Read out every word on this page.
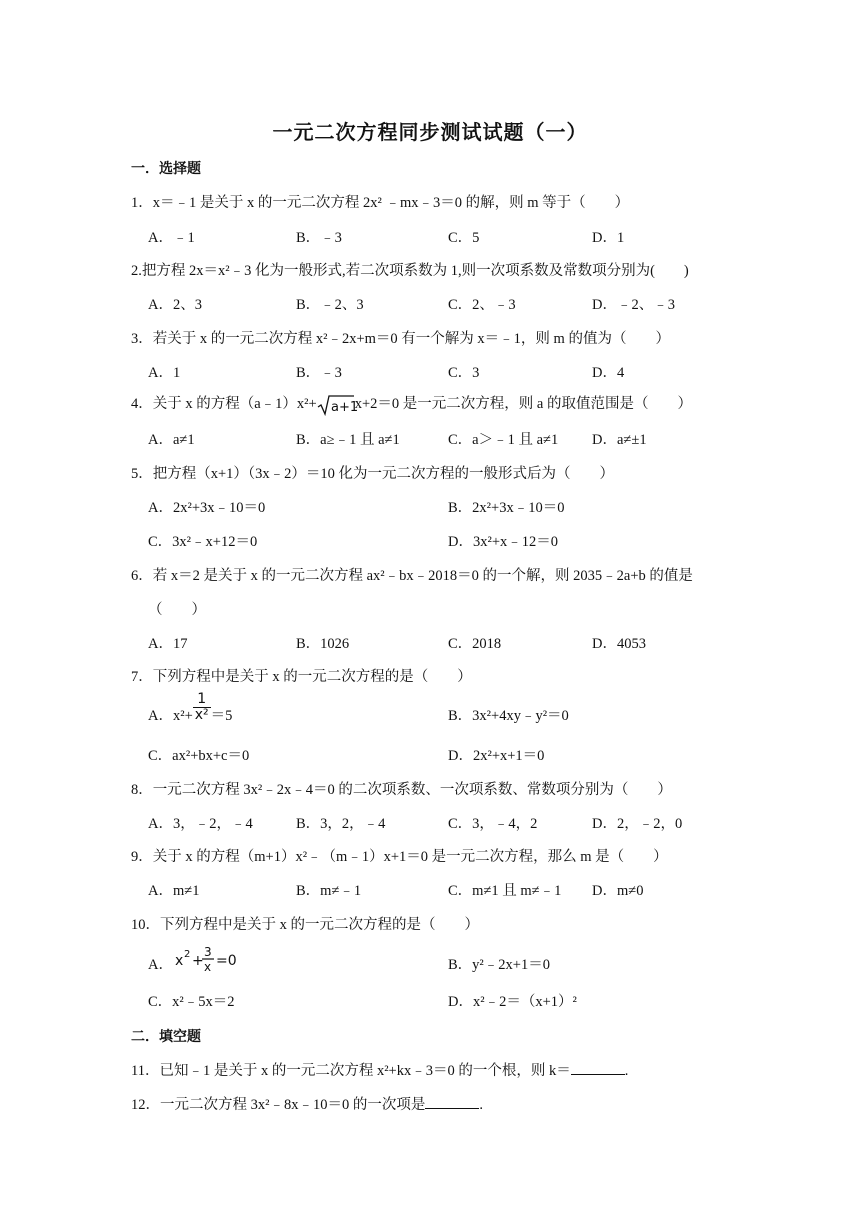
一元二次方程同步测试试题（一）
一．选择题
1．x＝﹣1 是关于 x 的一元二次方程 2x² ﹣mx﹣3＝0 的解，则 m 等于（　　）
A．﹣1	B．﹣3	C．5	D．1
2.把方程 2x＝x²﹣3 化为一般形式,若二次项系数为 1,则一次项系数及常数项分别为(　　)
A．2、3	B．﹣2、3	C．2、﹣3	D．﹣2、﹣3
3．若关于 x 的一元二次方程 x²﹣2x+m＝0 有一个解为 x＝﹣1，则 m 的值为（　　）
A．1	B．﹣3	C．3	D．4
4．关于 x 的方程（a﹣1）x²+ a+1
x+2＝0 是一元二次方程，则 a 的取值范围是（　　）
A．a≠1	B．a≥﹣1 且 a≠1	C．a＞﹣1 且 a≠1 D．a≠±1
5．把方程（x+1）（3x﹣2）＝10 化为一元二次方程的一般形式后为（　　）
A．2x²+3x﹣10＝0	B．2x²+3x﹣10＝0
C．3x²﹣x+12＝0	D．3x²+x﹣12＝0
6．若 x＝2 是关于 x 的一元二次方程 ax²﹣bx﹣2018＝0 的一个解，则 2035﹣2a+b 的值是
（　　）
A．17	B．1026	C．2018	D．4053
7．下列方程中是关于 x 的一元二次方程的是（　　）
A．$x^2+ \frac{1}{\text{x²}} =5$	B．3x²+4xy﹣y²＝0
C．ax²+bx+c＝0	D．2x²+x+1＝0
8．一元二次方程 3x²﹣2x﹣4＝0 的二次项系数、一次项系数、常数项分别为（　　）
A．3，﹣2，﹣4	B．3，2，﹣4	C．3，﹣4，2	D．2，﹣2，0
9．关于 x 的方程（m+1）x²﹣（m﹣1）x+1＝0 是一元二次方程，那么 m 是（　　）
A．m≠1	B．m≠﹣1	C．m≠1 且 m≠﹣1 D．m≠0
10．下列方程中是关于 x 的一元二次方程的是（　　）
A． x 2 +
3
x =0	B．y²﹣2x+1＝0
C．x²﹣5x＝2	D．x²﹣2＝（x+1）²
二．填空题
11．已知﹣1 是关于 x 的一元二次方程 x²+kx﹣3＝0 的一个根，则 k＝	.
12．一元二次方程 3x²﹣8x﹣10＝0 的一次项是	.
